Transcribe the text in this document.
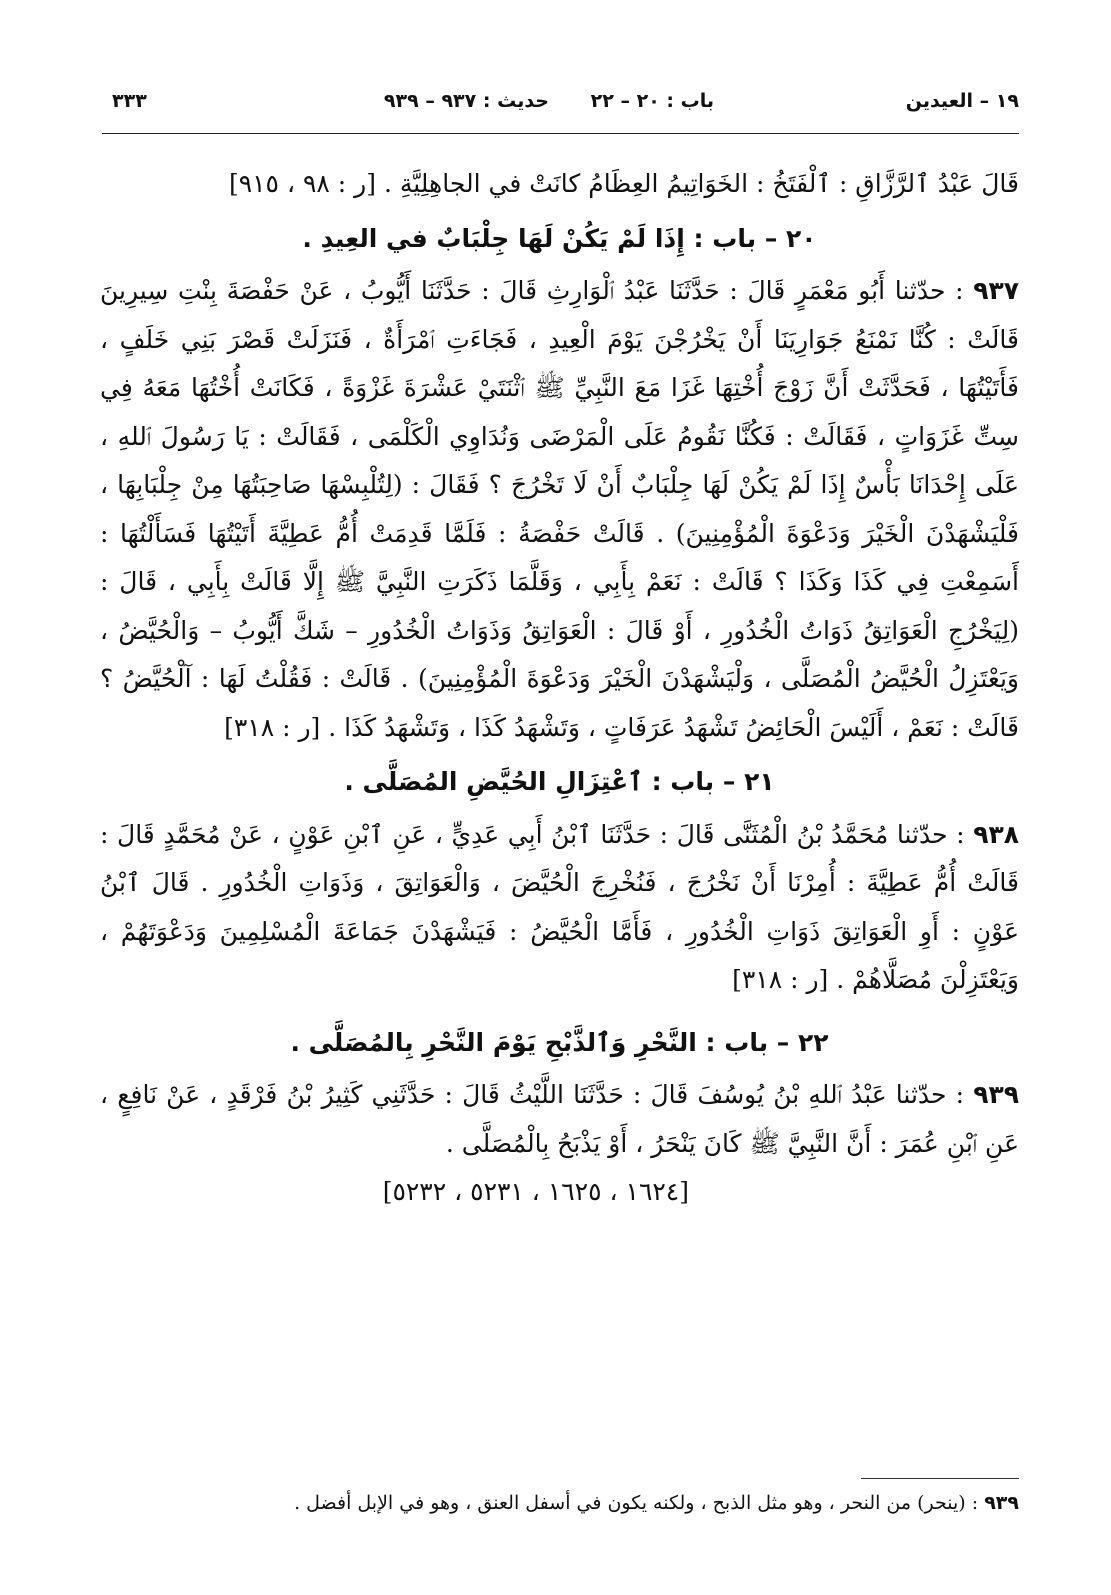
١٩ – العيدين
باب : ٢٠ – ٢٢
حديث : ٩٣٧ – ٩٣٩
٣٣٣

قَالَ عَبْدُ ٱلرَّزَّاقِ : ٱلْفَتَخُ : الخَوَاتِيمُ العِظَامُ كانَتْ في الجاهِلِيَّةِ . [ر : ٩٨ ، ٩١٥]

٢٠ – باب : إِذَا لَمْ يَكُنْ لَهَا جِلْبَابٌ في العِيدِ .

٩٣٧ : حدّثنا أَبُو مَعْمَرٍ قَالَ : حَدَّثَنَا عَبْدُ ٱلْوَارِثِ قَالَ : حَدَّثَنَا أَيُّوبُ ، عَنْ حَفْصَةَ بِنْتِ سِيرِينَ قَالَتْ : كُنَّا نَمْنَعُ جَوَارِيَنَا أَنْ يَخْرُجْنَ يَوْمَ الْعِيدِ ، فَجَاءَتِ ٱمْرَأَةٌ ، فَنَزَلَتْ قَصْرَ بَنِي خَلَفٍ ، فَأَتَيْتُهَا ، فَحَدَّثَتْ أَنَّ زَوْجَ أُخْتِهَا غَزَا مَعَ النَّبِيِّ ﷺ ٱثْنَتَيْ عَشْرَةَ غَزْوَةً ، فَكَانَتْ أُخْتُهَا مَعَهُ فِي سِتِّ غَزَوَاتٍ ، فَقَالَتْ : فَكُنَّا نَقُومُ عَلَى الْمَرْضَى وَنُدَاوِي الْكَلْمَى ، فَقَالَتْ : يَا رَسُولَ ٱللهِ ، عَلَى إِحْدَانَا بَأْسٌ إِذَا لَمْ يَكُنْ لَهَا جِلْبَابٌ أَنْ لَا تَخْرُجَ ؟ فَقَالَ : (لِتُلْبِسْهَا صَاحِبَتُهَا مِنْ جِلْبَابِهَا ، فَلْيَشْهَدْنَ الْخَيْرَ وَدَعْوَةَ الْمُؤْمِنِينَ) . قَالَتْ حَفْصَةُ : فَلَمَّا قَدِمَتْ أُمُّ عَطِيَّةَ أَتَيْتُهَا فَسَأَلْتُهَا : أَسَمِعْتِ فِي كَذَا وَكَذَا ؟ قَالَتْ : نَعَمْ بِأَبِي ، وَقَلَّمَا ذَكَرَتِ النَّبِيَّ ﷺ إِلَّا قَالَتْ بِأَبِي ، قَالَ : (لِيَخْرُجِ الْعَوَاتِقُ ذَوَاتُ الْخُدُورِ ، أَوْ قَالَ : الْعَوَاتِقُ وَذَوَاتُ الْخُدُورِ – شَكَّ أَيُّوبُ – وَالْحُيَّضُ ، وَيَعْتَزِلُ الْحُيَّضُ الْمُصَلَّى ، وَلْيَشْهَدْنَ الْخَيْرَ وَدَعْوَةَ الْمُؤْمِنِينَ) . قَالَتْ : فَقُلْتُ لَهَا : آلْحُيَّضُ ؟ قَالَتْ : نَعَمْ ، أَلَيْسَ الْحَائِضُ تَشْهَدُ عَرَفَاتٍ ، وَتَشْهَدُ كَذَا ، وَتَشْهَدُ كَذَا . [ر : ٣١٨]

٢١ – باب : ٱعْتِزَالِ الحُيَّضِ المُصَلَّى .

٩٣٨ : حدّثنا مُحَمَّدُ بْنُ الْمُثَنَّى قَالَ : حَدَّثَنَا ٱبْنُ أَبِي عَدِيٍّ ، عَنِ ٱبْنِ عَوْنٍ ، عَنْ مُحَمَّدٍ قَالَ : قَالَتْ أُمُّ عَطِيَّةَ : أُمِرْنَا أَنْ نَخْرُجَ ، فَنُخْرِجَ الْحُيَّضَ ، وَالْعَوَاتِقَ ، وَذَوَاتِ الْخُدُورِ . قَالَ ٱبْنُ عَوْنٍ : أَوِ الْعَوَاتِقَ ذَوَاتِ الْخُدُورِ ، فَأَمَّا الْحُيَّضُ : فَيَشْهَدْنَ جَمَاعَةَ الْمُسْلِمِينَ وَدَعْوَتَهُمْ ، وَيَعْتَزِلْنَ مُصَلَّاهُمْ . [ر : ٣١٨]

٢٢ – باب : النَّحْرِ وَٱلذَّبْحِ يَوْمَ النَّحْرِ بِالمُصَلَّى .

٩٣٩ : حدّثنا عَبْدُ ٱللهِ بْنُ يُوسُفَ قَالَ : حَدَّثَنَا اللَّيْثُ قَالَ : حَدَّثَنِي كَثِيرُ بْنُ فَرْقَدٍ ، عَنْ نَافِعٍ ، عَنِ ٱبْنِ عُمَرَ : أَنَّ النَّبِيَّ ﷺ كَانَ يَنْحَرُ ، أَوْ يَذْبَحُ بِالْمُصَلَّى .

[١٦٢٤ ، ١٦٢٥ ، ٥٢٣١ ، ٥٢٣٢]

٩٣٩ : (ينحر) من النحر ، وهو مثل الذبح ، ولكنه يكون في أسفل العنق ، وهو في الإبل أفضل .
